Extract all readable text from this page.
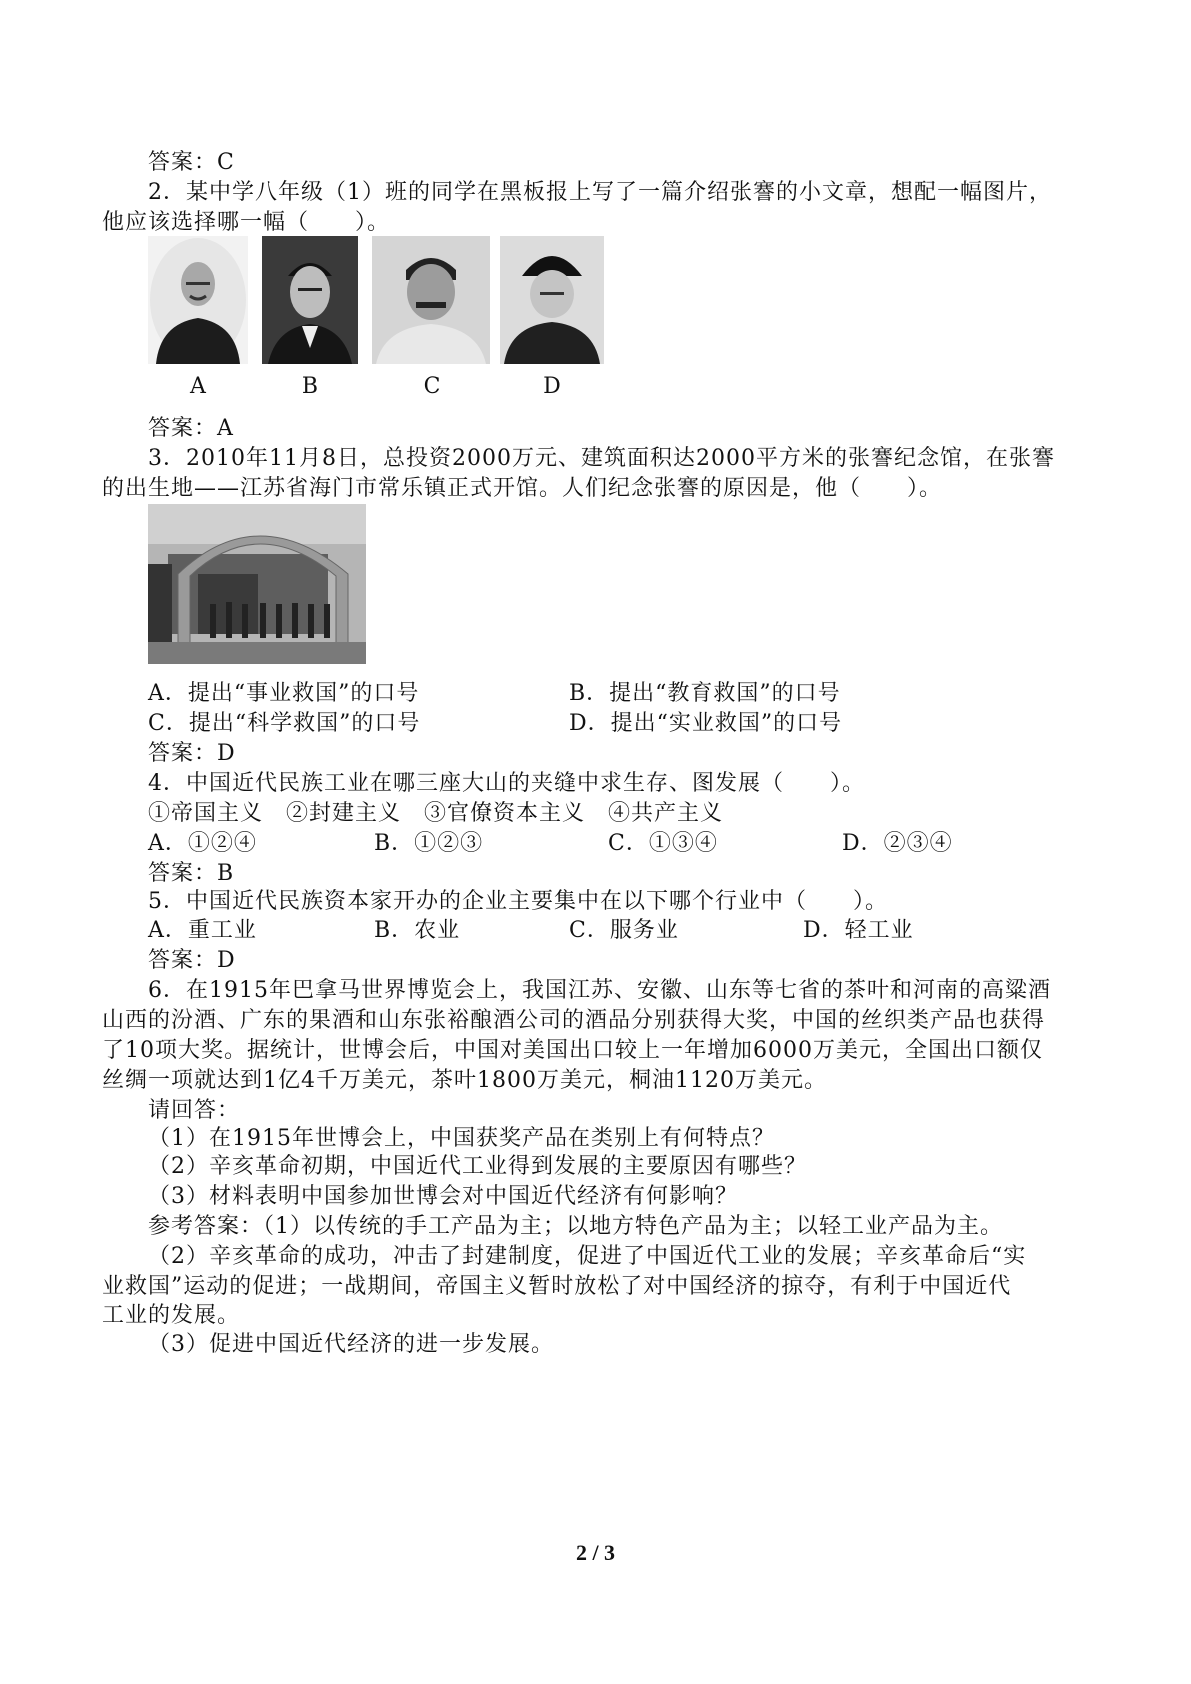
答案：C
2．某中学八年级（1）班的同学在黑板报上写了一篇介绍张謇的小文章，想配一幅图片，
他应该选择哪一幅（　　）。
A	B	C	D
答案：A
3．2010年11月8日，总投资2000万元、建筑面积达2000平方米的张謇纪念馆，在张謇
的出生地——江苏省海门市常乐镇正式开馆。人们纪念张謇的原因是，他（　　）。
A．提出“事业救国”的口号	B．提出“教育救国”的口号
C．提出“科学救国”的口号	D．提出“实业救国”的口号
答案：D
4．中国近代民族工业在哪三座大山的夹缝中求生存、图发展（　　）。
①帝国主义　②封建主义　③官僚资本主义　④共产主义
A．①②④	B．①②③	C．①③④	D．②③④
答案：B
5．中国近代民族资本家开办的企业主要集中在以下哪个行业中（　　）。
A．重工业	B．农业	C．服务业	D．轻工业
答案：D
6．在1915年巴拿马世界博览会上，我国江苏、安徽、山东等七省的茶叶和河南的高粱酒
山西的汾酒、广东的果酒和山东张裕酿酒公司的酒品分别获得大奖，中国的丝织类产品也获得
了10项大奖。据统计，世博会后，中国对美国出口较上一年增加6000万美元，全国出口额仅
丝绸一项就达到1亿4千万美元，茶叶1800万美元，桐油1120万美元。
请回答：
（1）在1915年世博会上，中国获奖产品在类别上有何特点？
（2）辛亥革命初期，中国近代工业得到发展的主要原因有哪些？
（3）材料表明中国参加世博会对中国近代经济有何影响？
参考答案：（1）以传统的手工产品为主；以地方特色产品为主；以轻工业产品为主。
（2）辛亥革命的成功，冲击了封建制度，促进了中国近代工业的发展；辛亥革命后“实
业救国”运动的促进；一战期间，帝国主义暂时放松了对中国经济的掠夺，有利于中国近代
工业的发展。
（3）促进中国近代经济的进一步发展。
2 / 3
